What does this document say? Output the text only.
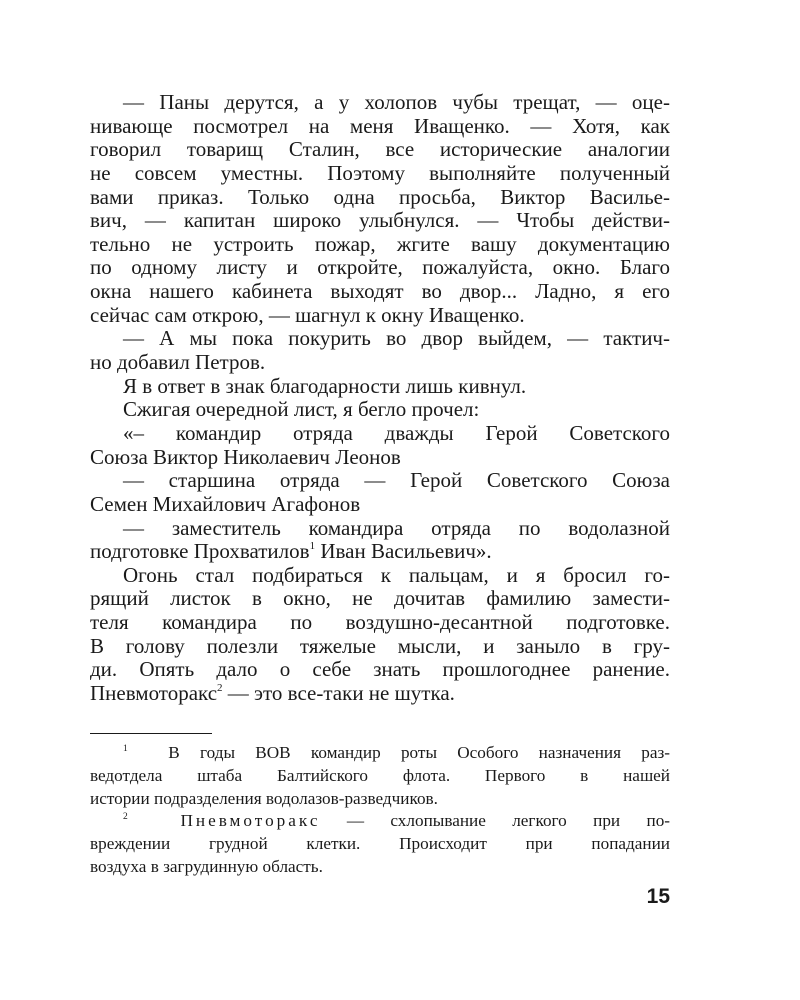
— Паны дерутся, а у холопов чубы трещат, — оце-
нивающе посмотрел на меня Иващенко. — Хотя, как
говорил товарищ Сталин, все исторические аналогии
не совсем уместны. Поэтому выполняйте полученный
вами приказ. Только одна просьба, Виктор Василье-
вич, — капитан широко улыбнулся. — Чтобы действи-
тельно не устроить пожар, жгите вашу документацию
по одному листу и откройте, пожалуйста, окно. Благо
окна нашего кабинета выходят во двор... Ладно, я его
сейчас сам открою, — шагнул к окну Иващенко.
— А мы пока покурить во двор выйдем, — тактич-
но добавил Петров.
Я в ответ в знак благодарности лишь кивнул.
Сжигая очередной лист, я бегло прочел:
«– командир отряда дважды Герой Советского
Союза Виктор Николаевич Леонов
— старшина отряда — Герой Советского Союза
Семен Михайлович Агафонов
— заместитель командира отряда по водолазной
подготовке Прохватилов$^1$ Иван Васильевич».
Огонь стал подбираться к пальцам, и я бросил го-
рящий листок в окно, не дочитав фамилию замести-
теля командира по воздушно-десантной подготовке.
В голову полезли тяжелые мысли, и заныло в гру-
ди. Опять дало о себе знать прошлогоднее ранение.
Пневмоторакс$^2$ — это все-таки не шутка.
$^1$ В годы ВОВ командир роты Особого назначения раз-
ведотдела штаба Балтийского флота. Первого в нашей
истории подразделения водолазов-разведчиков.
$^2$	Пневмоторакс — схлопывание легкого при по-
вреждении грудной клетки. Происходит при попадании
воздуха в загрудинную область.
15
